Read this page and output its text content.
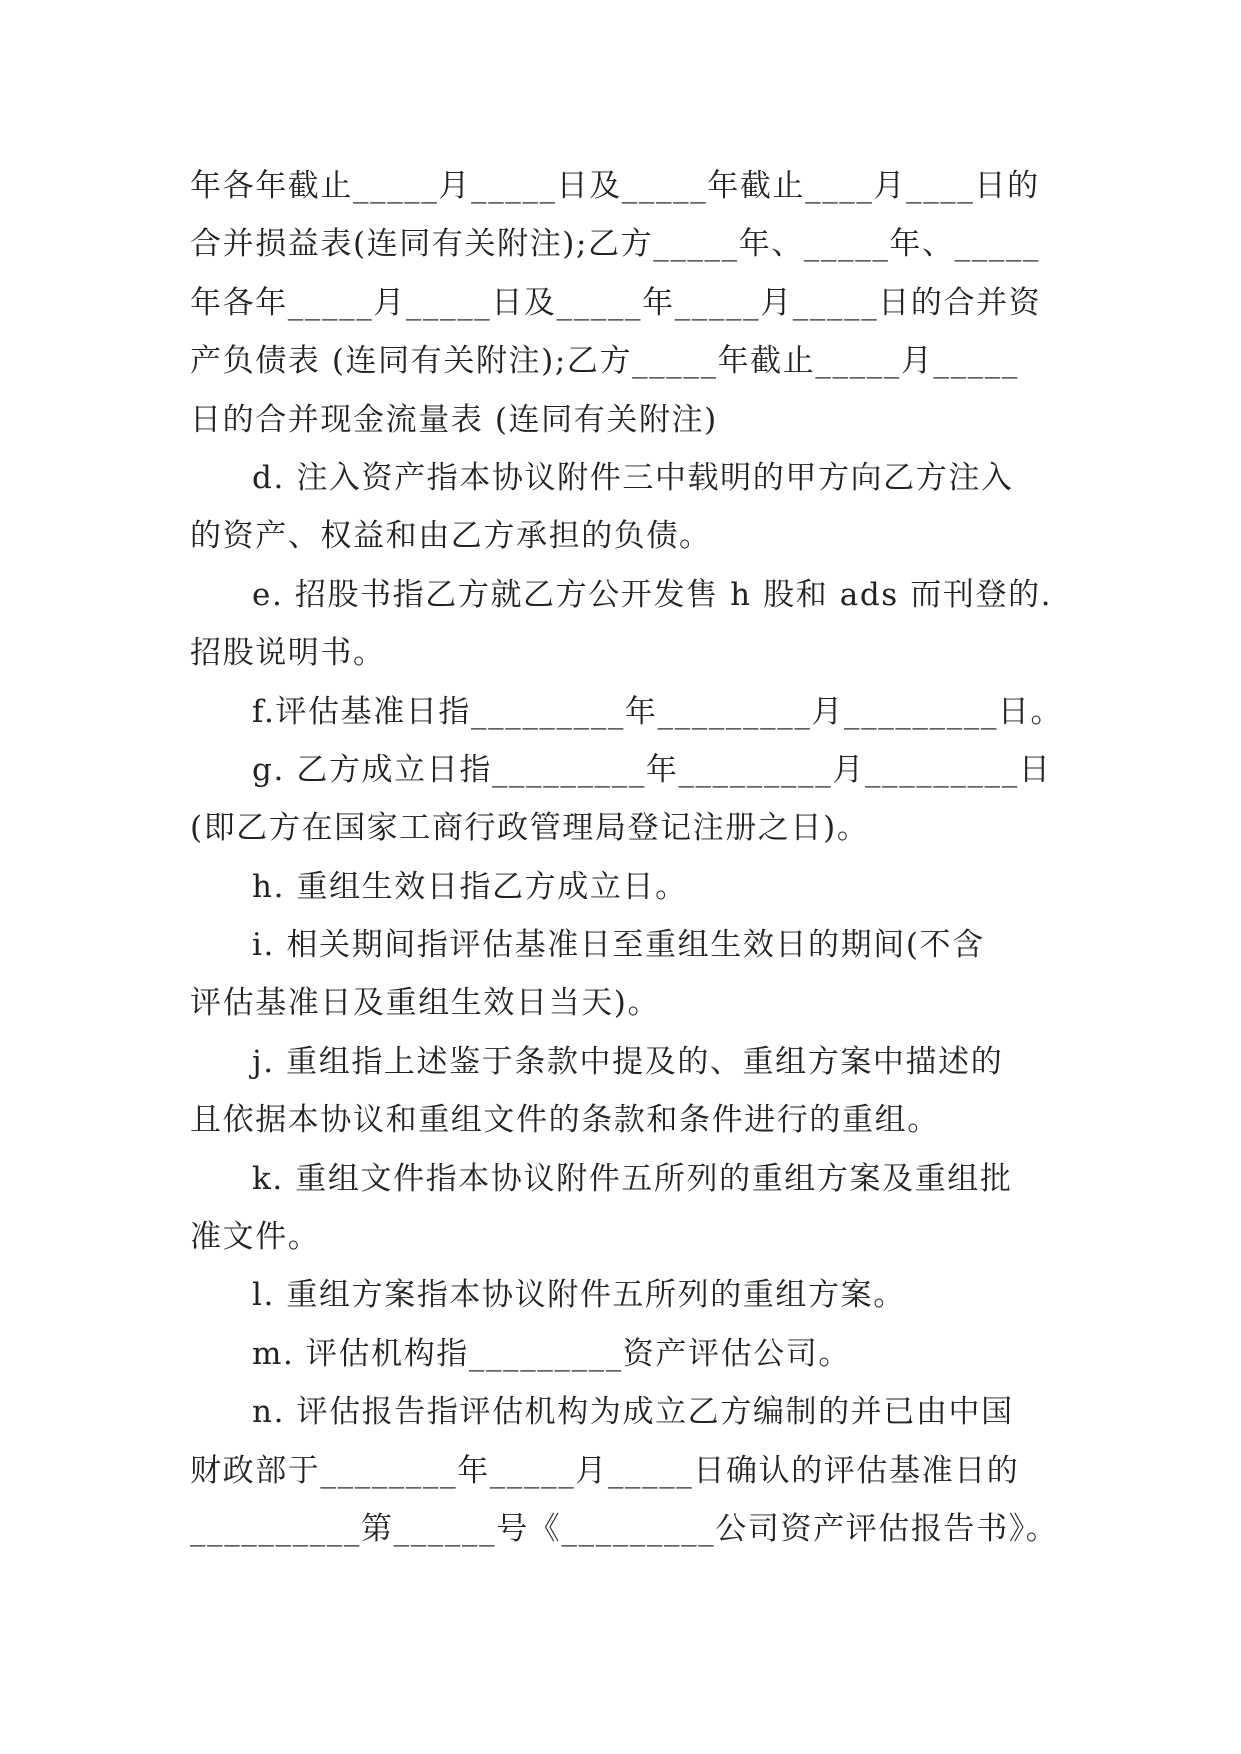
年各年截止_____月_____日及_____年截止____月____日的
合并损益表(连同有关附注);乙方_____年、_____年、_____
年各年_____月_____日及_____年_____月_____日的合并资
产负债表 (连同有关附注);乙方_____年截止_____月_____
日的合并现金流量表 (连同有关附注)
d. 注入资产指本协议附件三中载明的甲方向乙方注入
的资产、权益和由乙方承担的负债。
e. 招股书指乙方就乙方公开发售 h 股和 ads 而刊登的.
招股说明书。
f.评估基准日指_________年_________月_________日。
g. 乙方成立日指_________年_________月_________日
(即乙方在国家工商行政管理局登记注册之日)。
h. 重组生效日指乙方成立日。
i. 相关期间指评估基准日至重组生效日的期间(不含
评估基准日及重组生效日当天)。
j. 重组指上述鉴于条款中提及的、重组方案中描述的
且依据本协议和重组文件的条款和条件进行的重组。
k. 重组文件指本协议附件五所列的重组方案及重组批
准文件。
l. 重组方案指本协议附件五所列的重组方案。
m. 评估机构指_________资产评估公司。
n. 评估报告指评估机构为成立乙方编制的并已由中国
财政部于________年_____月_____日确认的评估基准日的
__________第______号《_________公司资产评估报告书》。
